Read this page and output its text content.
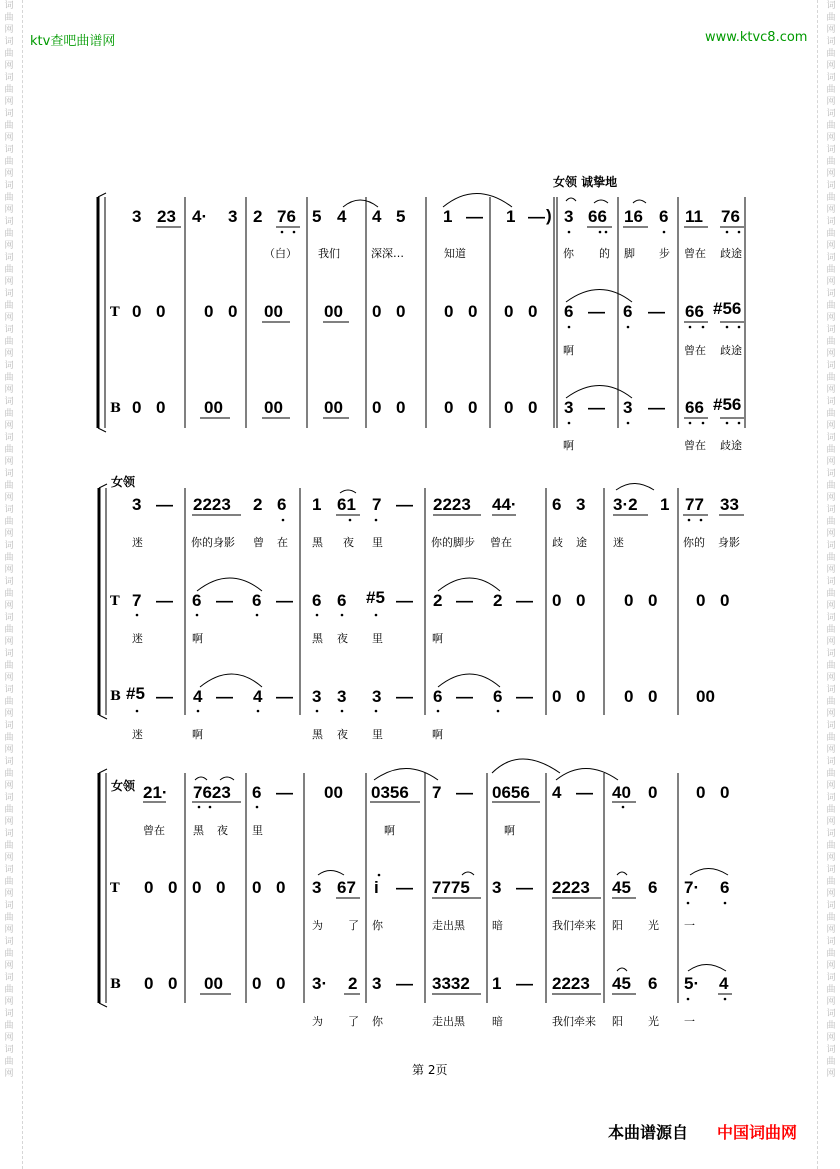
词曲网词曲网词曲网词曲网词曲网词曲网词曲网词曲网词曲网词曲网词曲网词曲网词曲网词曲网词曲网词曲网词曲网词曲网词曲网词曲网词曲网词曲网词曲网词曲网词曲网词曲网词曲网词曲网词曲网词曲网
词曲网词曲网词曲网词曲网词曲网词曲网词曲网词曲网词曲网词曲网词曲网词曲网词曲网词曲网词曲网词曲网词曲网词曲网词曲网词曲网词曲网词曲网词曲网词曲网词曲网词曲网词曲网词曲网词曲网词曲网
ktv查吧曲谱网	www.ktvc8.com
女领 诚挚地
3 23 4· 3 2 76 5 4 4 5 1 — 1 — ) 3 66 16 6 11 76
（白） 我们	深深…	知道	你 的 脚 步 曾在 歧途
T 0 0 0 0 00 00 0 0 0 0 0 0 6 — 6 — 66 #56
啊	曾在 歧途
B 0 0 00 00 00 0 0 0 0 0 0 3 — 3 — 66 #56
啊	曾在 歧途
女领
3 — 2223 2 6 1 61 7 — 2223 44· 6 3 3·2 1 77 33
迷	你的身影 曾 在 黑 夜 里	你的脚步 曾在	歧 途 迷	你的 身影
T 7 — 6 — 6 — 6 6 #5 — 2 — 2 — 0 0 0 0 0 0
迷	啊	黑 夜 里	啊
B #5 — 4 — 4 — 3 3 3 — 6 — 6 — 0 0 0 0 00
迷	啊	黑 夜 里	啊
女领 21· 7623 6 — 00 0356 7 — 0656 4 — 40 0 0 0
曾在	黑 夜 里	啊	啊
T 0 0 0 0 0 0 3 67 i — 7775 3 — 2223 45 6 7· 6
为 了 你	走出黑 暗	我们牵来 阳 光 一
B 0 0 00 0 0 3· 2 3 — 3332 1 — 2223 45 6 5· 4
为 了 你	走出黑 暗	我们牵来 阳 光 一
第 2页
本曲谱源自 中国词曲网
